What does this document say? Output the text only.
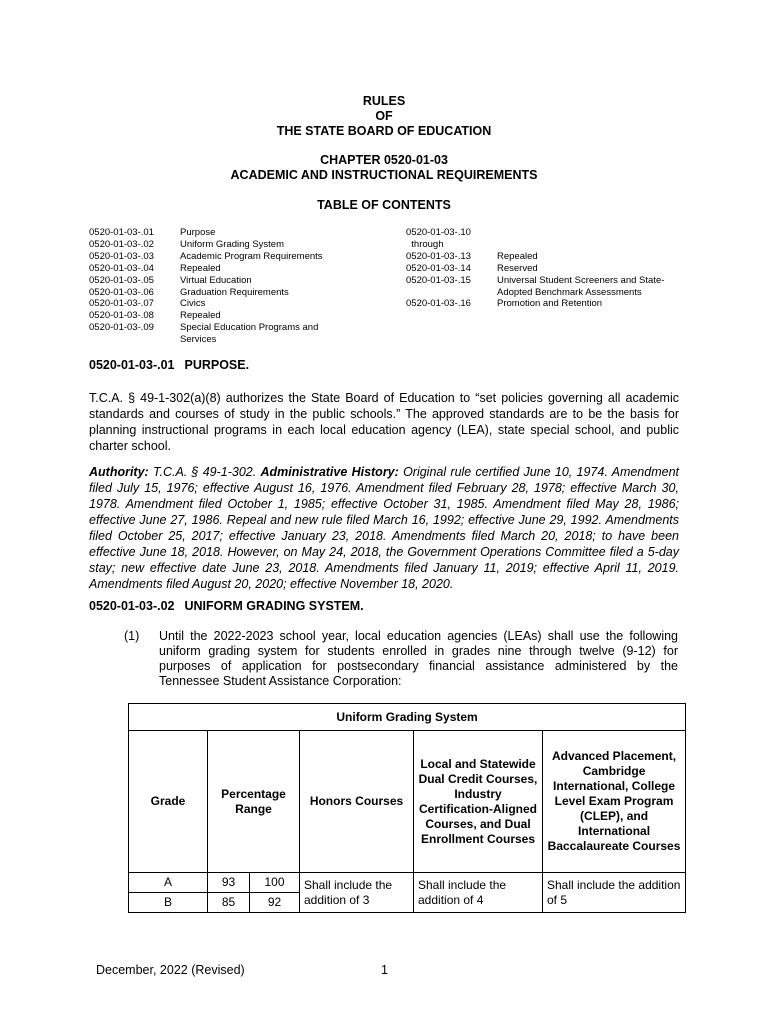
RULES
OF
THE STATE BOARD OF EDUCATION
CHAPTER 0520-01-03
ACADEMIC AND INSTRUCTIONAL REQUIREMENTS
TABLE OF CONTENTS
0520-01-03-.01	Purpose
0520-01-03-.02	Uniform Grading System
0520-01-03-.03	Academic Program Requirements
0520-01-03-.04	Repealed
0520-01-03-.05	Virtual Education
0520-01-03-.06	Graduation Requirements
0520-01-03-.07	Civics
0520-01-03-.08	Repealed
0520-01-03-.09	Special Education Programs and Services
0520-01-03-.10
through
0520-01-03-.13	Repealed
0520-01-03-.14	Reserved
0520-01-03-.15	Universal Student Screeners and State-Adopted Benchmark Assessments
0520-01-03-.16	Promotion and Retention
0520-01-03-.01 PURPOSE.
T.C.A. § 49-1-302(a)(8) authorizes the State Board of Education to “set policies governing all academic standards and courses of study in the public schools.” The approved standards are to be the basis for planning instructional programs in each local education agency (LEA), state special school, and public charter school.
Authority: T.C.A. § 49-1-302. Administrative History: Original rule certified June 10, 1974. Amendment filed July 15, 1976; effective August 16, 1976. Amendment filed February 28, 1978; effective March 30, 1978. Amendment filed October 1, 1985; effective October 31, 1985. Amendment filed May 28, 1986; effective June 27, 1986. Repeal and new rule filed March 16, 1992; effective June 29, 1992. Amendments filed October 25, 2017; effective January 23, 2018. Amendments filed March 20, 2018; to have been effective June 18, 2018. However, on May 24, 2018, the Government Operations Committee filed a 5-day stay; new effective date June 23, 2018. Amendments filed January 11, 2019; effective April 11, 2019. Amendments filed August 20, 2020; effective November 18, 2020.
0520-01-03-.02 UNIFORM GRADING SYSTEM.
(1) Until the 2022-2023 school year, local education agencies (LEAs) shall use the following uniform grading system for students enrolled in grades nine through twelve (9-12) for purposes of application for postsecondary financial assistance administered by the Tennessee Student Assistance Corporation:
Uniform Grading System					
Grade	Percentage Range		Honors Courses	Local and Statewide Dual Credit Courses, Industry Certification-Aligned Courses, and Dual Enrollment Courses	Advanced Placement, Cambridge International, College Level Exam Program (CLEP), and International Baccalaureate Courses
A	93	100	Shall include the addition of 3	Shall include the addition of 4	Shall include the addition of 5
B	85	92			
December, 2022 (Revised)	1
